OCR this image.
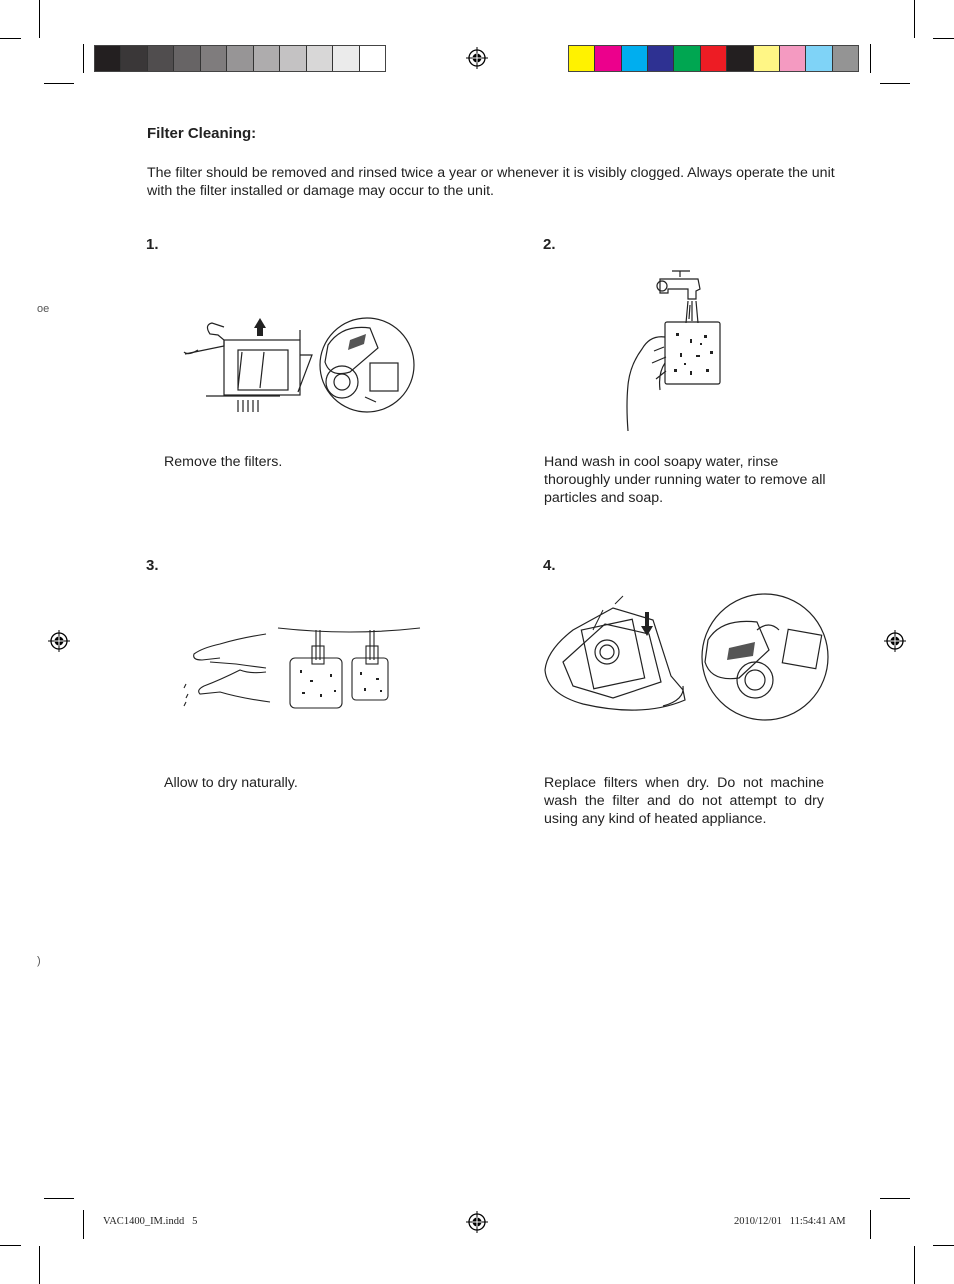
oe
)
Filter Cleaning:
The filter should be removed and rinsed twice a year or whenever it is visibly clogged. Always operate the unit with the filter installed or damage may occur to the unit.
1.
Remove the filters.
2.
Hand wash in cool soapy water, rinse thoroughly under running water to remove all particles and soap.
3.
Allow to dry naturally.
4.
Replace filters when dry. Do not machine wash the filter and do not attempt to dry using any kind of heated appliance.
VAC1400_IM.indd   5	2010/12/01   11:54:41 AM
